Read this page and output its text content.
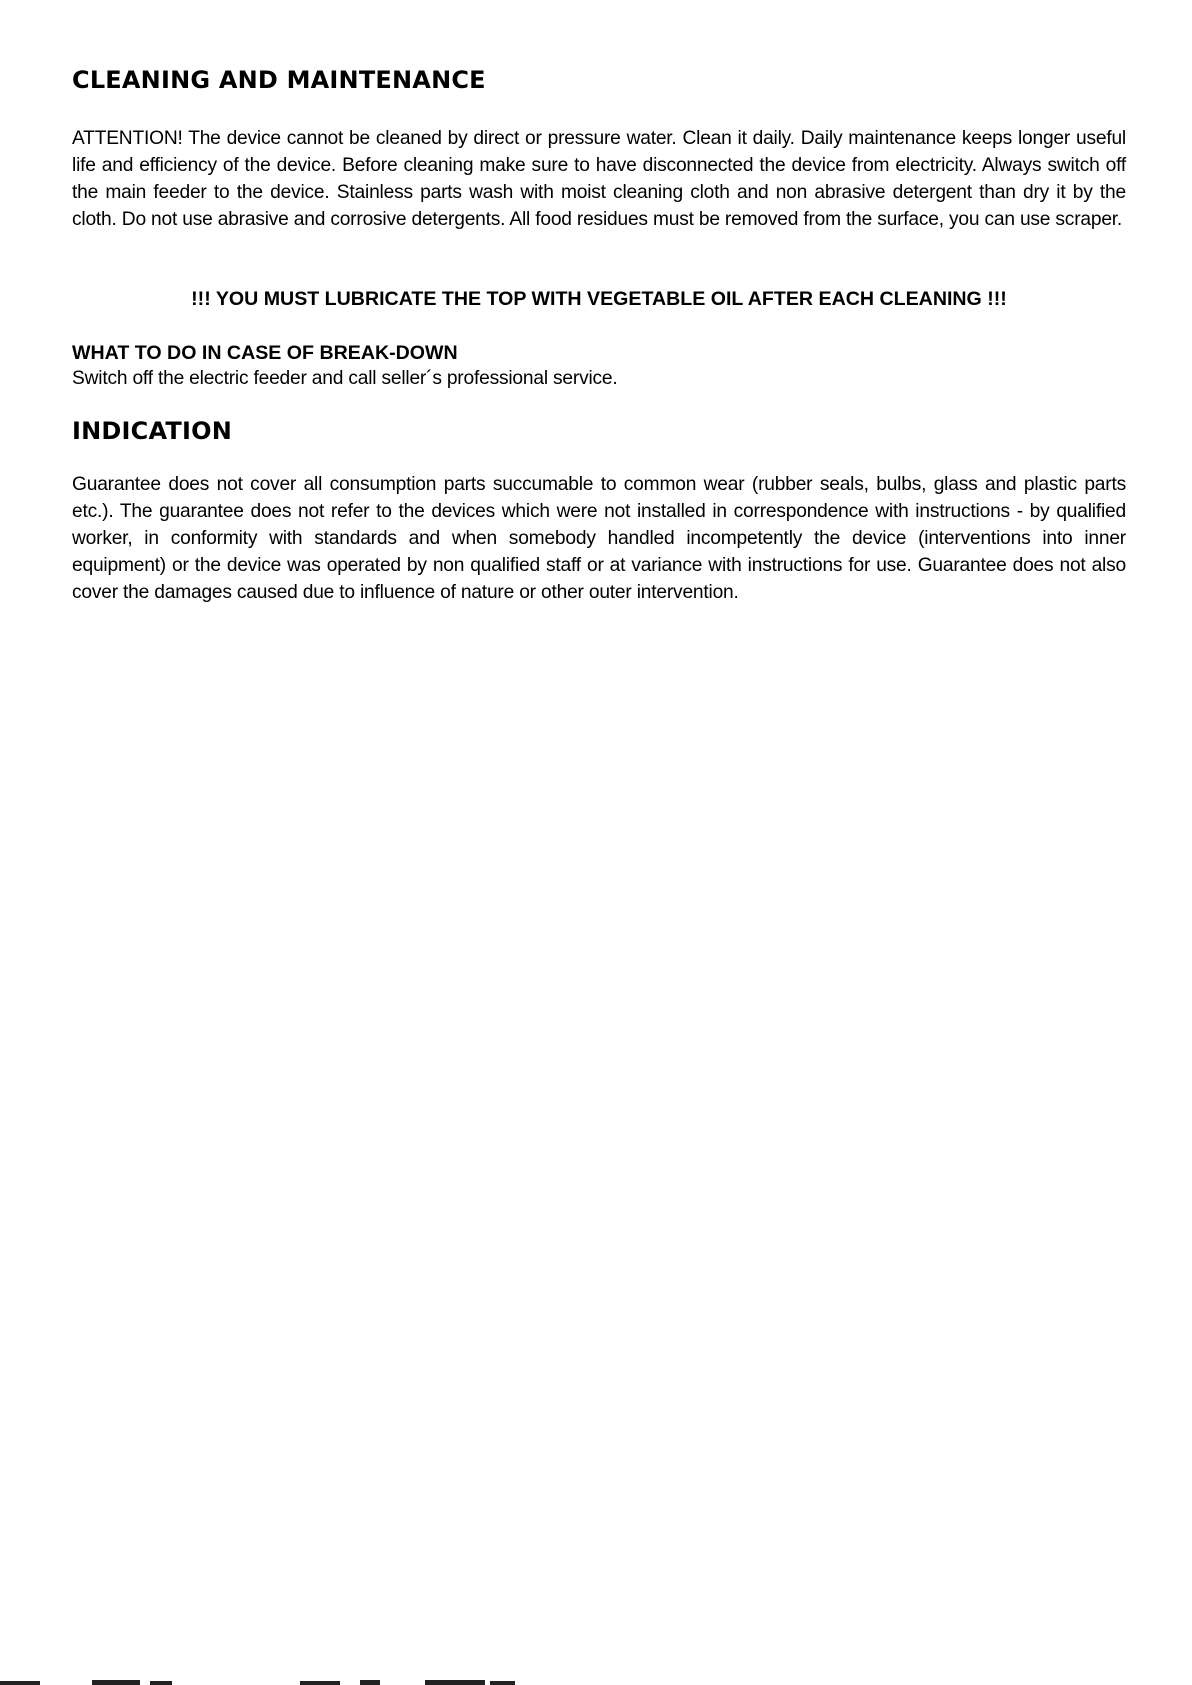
CLEANING AND MAINTENANCE

ATTENTION! The device cannot be cleaned by direct or pressure water. Clean it daily. Daily maintenance keeps longer useful life and efficiency of the device. Before cleaning make sure to have disconnected the device from electricity. Always switch off the main feeder to the device. Stainless parts wash with moist cleaning cloth and non abrasive detergent than dry it by the cloth. Do not use abrasive and corrosive detergents. All food residues must be removed from the surface, you can use scraper.

!!! YOU MUST LUBRICATE THE TOP WITH VEGETABLE OIL AFTER EACH CLEANING !!!

WHAT TO DO IN CASE OF BREAK-DOWN

Switch off the electric feeder and call seller´s professional service.

INDICATION

Guarantee does not cover all consumption parts succumable to common wear (rubber seals, bulbs, glass and plastic parts etc.). The guarantee does not refer to the devices which were not installed in correspondence with instructions - by qualified worker, in conformity with standards and when somebody handled incompetently the device (interventions into inner equipment) or the device was operated by non qualified staff or at variance with instructions for use. Guarantee does not also cover the damages caused due to influence of nature or other outer intervention.
